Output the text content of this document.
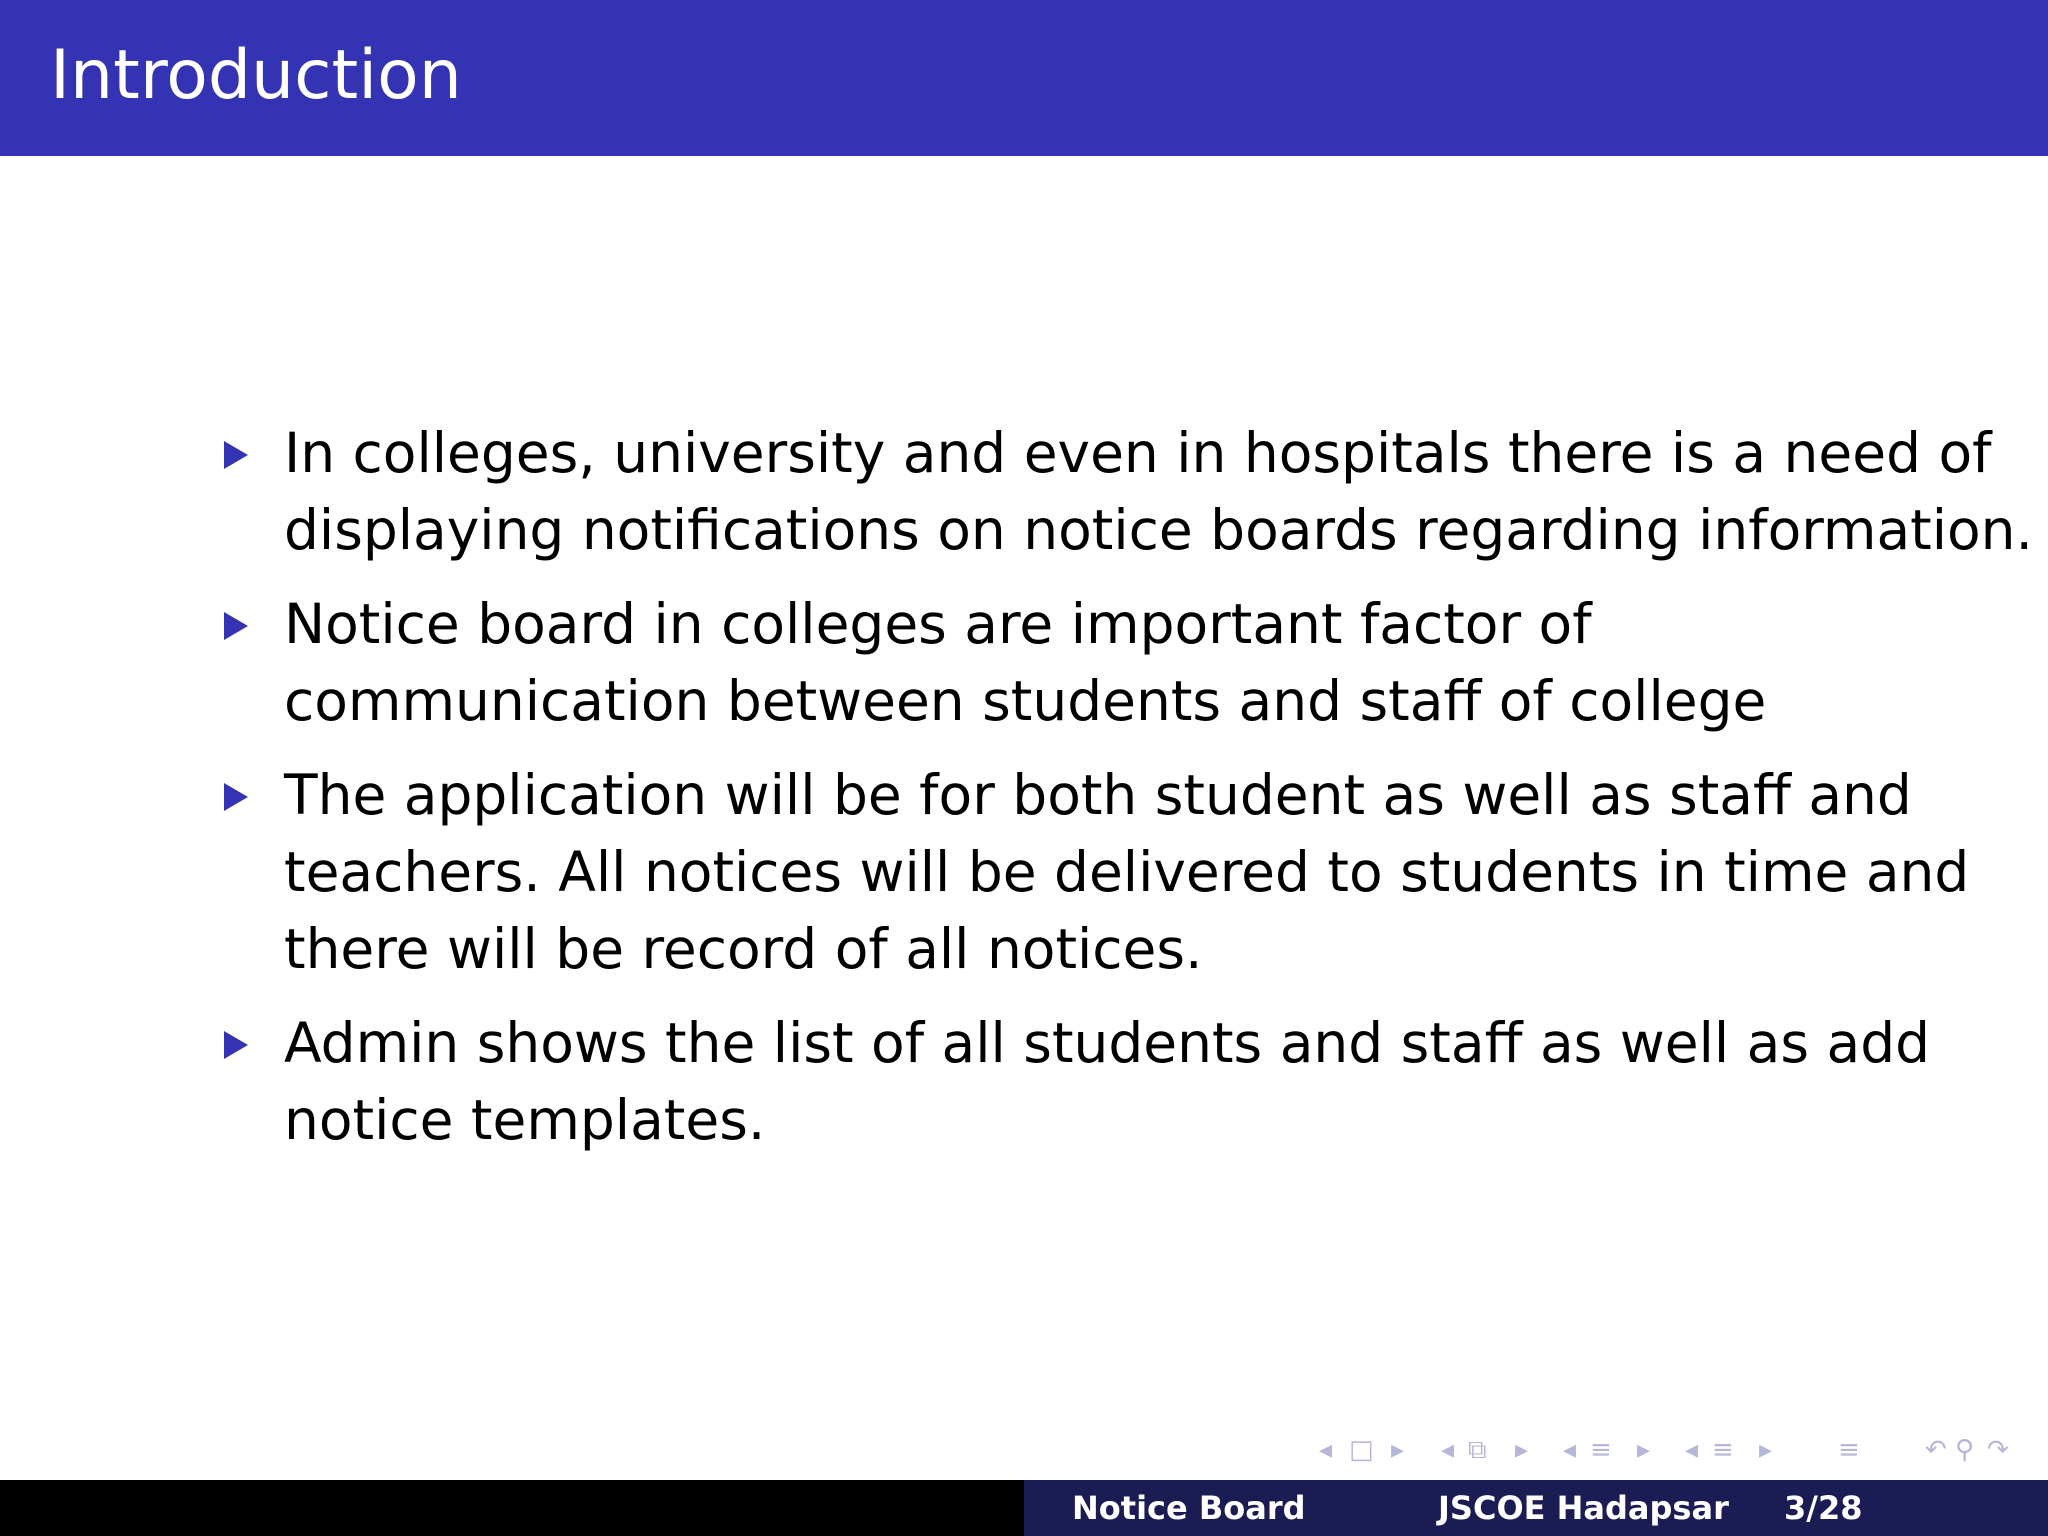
Introduction
In colleges, university and even in hospitals there is a need of
displaying notifications on notice boards regarding information.
Notice board in colleges are important factor of
communication between students and staff of college
The application will be for both student as well as staff and
teachers. All notices will be delivered to students in time and
there will be record of all notices.
Admin shows the list of all students and staff as well as add
notice templates.
◂ □ ▸ ◂ ⧉ ▸ ◂ ≡ ▸ ◂ ≡ ▸	≡	↶ ⚲ ↷
Notice Board	JSCOE Hadapsar 3/28
